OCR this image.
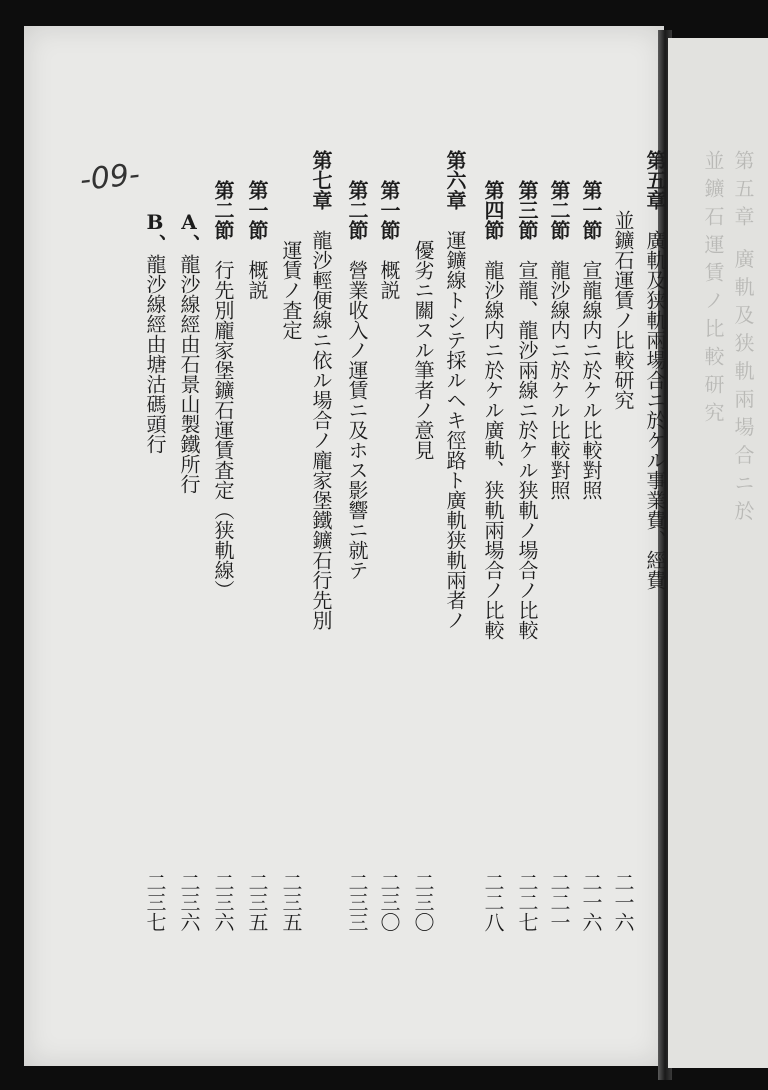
第五章 廣軌及狭軌兩場合ニ於
並鑛石運賃ノ比較研究
-09-	第五章　廣軌及狭軌兩場合ニ於ケル事業費、經費
並鑛石運賃ノ比較研究
二一六
第一節　宣龍線内ニ於ケル比較對照
二一六
第二節　龍沙線内ニ於ケル比較對照
二二一
第三節　宣龍、龍沙兩線ニ於ケル狭軌ノ場合ノ比較
二二七
第四節　龍沙線内ニ於ケル廣軌、狭軌兩場合ノ比較
二二八
第六章　運鑛線トシテ採ルヘキ徑路ト廣軌狭軌兩者ノ
優劣ニ關スル筆者ノ意見
二三〇
第一節　概説
二三〇
第二節　營業收入ノ運賃ニ及ホス影響ニ就テ
二三三
第七章　龍沙輕便線ニ依ル場合ノ龐家堡鐵鑛石行先別
運賃ノ査定
二三五
第一節　概説
二三五
第二節　行先別龐家堡鑛石運賃査定（狭軌線）
二三六
A、龍沙線經由石景山製鐵所行
二三六
B、龍沙線經由塘沽碼頭行
二三七
